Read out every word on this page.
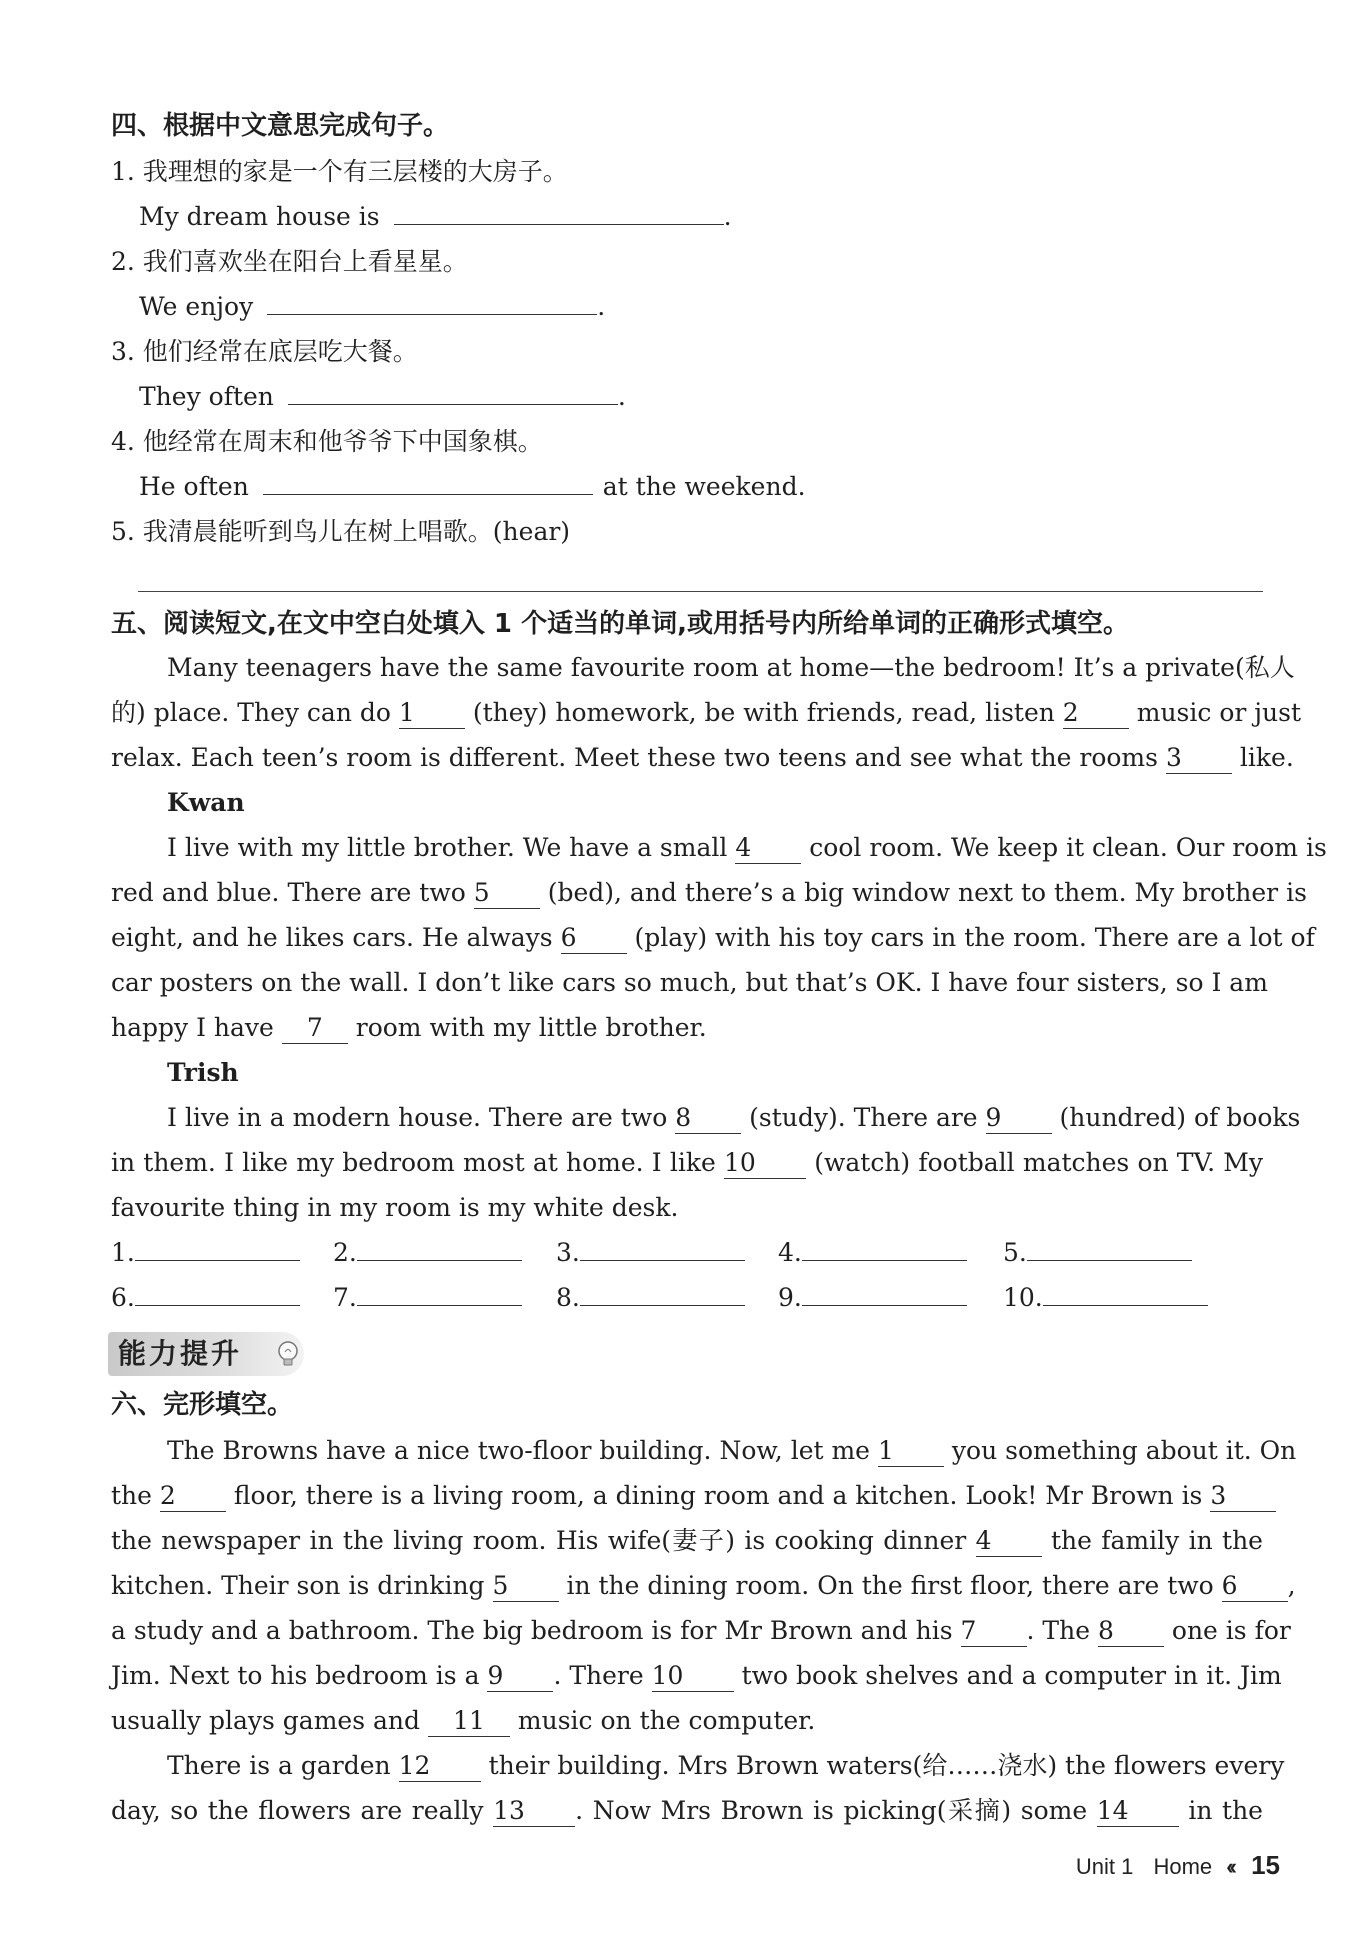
四、根据中文意思完成句子。
1. 我理想的家是一个有三层楼的大房子。
My dream house is	.
2. 我们喜欢坐在阳台上看星星。
We enjoy	.
3. 他们经常在底层吃大餐。
They often	.
4. 他经常在周末和他爷爷下中国象棋。
He often	at the weekend.
5. 我清晨能听到鸟儿在树上唱歌。(hear)
五、阅读短文,在文中空白处填入 1 个适当的单词,或用括号内所给单词的正确形式填空。
Many teenagers have the same favourite room at home—the bedroom! It’s a private(私人
的) place. They can do 1 (they) homework, be with friends, read, listen 2 music or just
relax. Each teen’s room is different. Meet these two teens and see what the rooms 3 like.
Kwan
I live with my little brother. We have a small 4 cool room. We keep it clean. Our room is
red and blue. There are two 5 (bed), and there’s a big window next to them. My brother is
eight, and he likes cars. He always 6 (play) with his toy cars in the room. There are a lot of
car posters on the wall. I don’t like cars so much, but that’s OK. I have four sisters, so I am
happy I have 7 room with my little brother.
Trish
I live in a modern house. There are two 8 (study). There are 9 (hundred) of books
in them. I like my bedroom most at home. I like 10 (watch) football matches on TV. My
favourite thing in my room is my white desk.
1.	2.	3.	4.	5.
6.	7.	8.	9.	10.
能力提升
六、完形填空。
The Browns have a nice two-floor building. Now, let me 1 you something about it. On
the 2 floor, there is a living room, a dining room and a kitchen. Look! Mr Brown is 3
the newspaper in the living room. His wife(妻子) is cooking dinner 4 the family in the
kitchen. Their son is drinking 5 in the dining room. On the first floor, there are two 6 ,
a study and a bathroom. The big bedroom is for Mr Brown and his 7 . The 8 one is for
Jim. Next to his bedroom is a 9 . There 10 two book shelves and a computer in it. Jim
usually plays games and 11 music on the computer.
There is a garden 12 their building. Mrs Brown waters(给……浇水) the flowers every
day, so the flowers are really 13 . Now Mrs Brown is picking(采摘) some 14 in the
Unit 1 Home ‹‹ 15
